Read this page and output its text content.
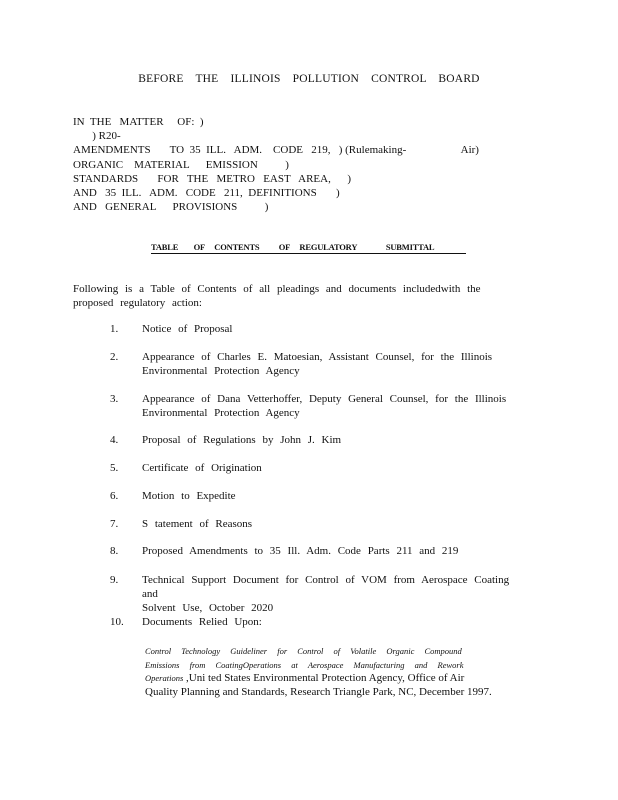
BEFORE THE ILLINOIS POLLUTION CONTROL BOARD
IN  THE   MATTER     OF:  )
) R20-
AMENDMENTS       TO  35  ILL.   ADM.    CODE   219,   ) (Rulemaking-                    Air)
ORGANIC    MATERIAL      EMISSION          )
STANDARDS       FOR   THE   METRO   EAST   AREA,      )
AND   35  ILL.   ADM.   CODE   211,  DEFINITIONS       )
AND   GENERAL      PROVISIONS          )
TABLE        OF     CONTENTS          OF     REGULATORY               SUBMITTAL
Following is a Table of Contents of all pleadings and documents includedwith the proposed regulatory action:
1. Notice of Proposal
2. Appearance of Charles E. Matoesian, Assistant Counsel, for the Illinois
Environmental Protection Agency
3. Appearance of Dana Vetterhoffer, Deputy General Counsel, for the Illinois
Environmental Protection Agency
4. Proposal of Regulations by John J. Kim
5. Certificate of Origination
6. Motion to Expedite
7. S tatement of Reasons
8. Proposed Amendments to 35 Ill. Adm. Code Parts 211 and 219
9. Technical Support Document for Control of VOM from Aerospace Coating and
Solvent Use, October 2020
10. Documents Relied Upon:
Control Technology Guideliner for Control of Volatile Organic Compound
Emissions from CoatingOperations at Aerospace Manufacturing and Rework
Operations ,Uni ted States Environmental Protection Agency, Office of Air
Quality Planning and Standards, Research Triangle Park, NC, December 1997.
